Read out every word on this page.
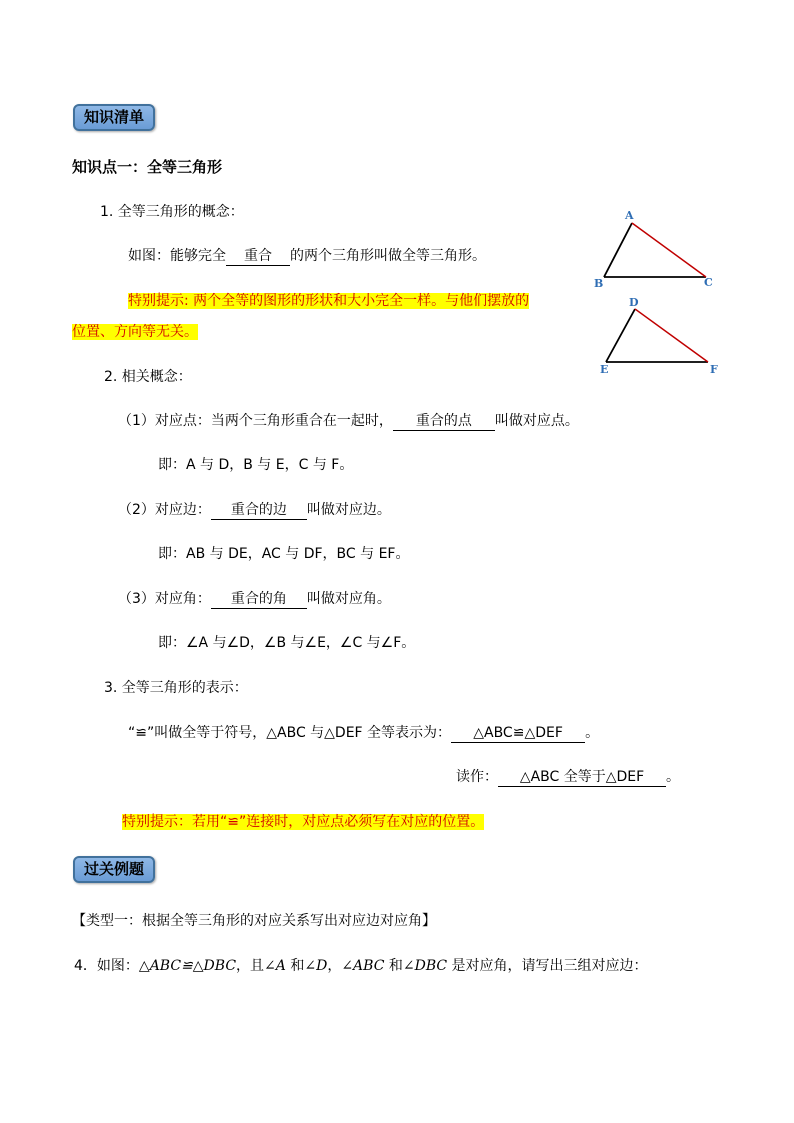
知识清单
知识点一：全等三角形
1. 全等三角形的概念：
如图：能够完全 重合 的两个三角形叫做全等三角形。
特别提示: 两个全等的图形的形状和大小完全一样。与他们摆放的
位置、方向等无关。
A
B	C
D
E	F
2. 相关概念：
（1）对应点：当两个三角形重合在一起时， 重合的点 叫做对应点。
即：A 与 D，B 与 E，C 与 F。
（2）对应边： 重合的边 叫做对应边。
即：AB 与 DE，AC 与 DF，BC 与 EF。
（3）对应角： 重合的角 叫做对应角。
即：∠A 与∠D，∠B 与∠E，∠C 与∠F。
3. 全等三角形的表示：
“≌”叫做全等于符号，△ABC 与△DEF 全等表示为： △ABC≌△DEF 。
读作： △ABC 全等于△DEF 。
特别提示：若用“≌”连接时，对应点必须写在对应的位置。
过关例题
【类型一：根据全等三角形的对应关系写出对应边对应角】
4．如图：△ABC≌△DBC，且∠A 和∠D，∠ABC 和∠DBC 是对应角，请写出三组对应边：
